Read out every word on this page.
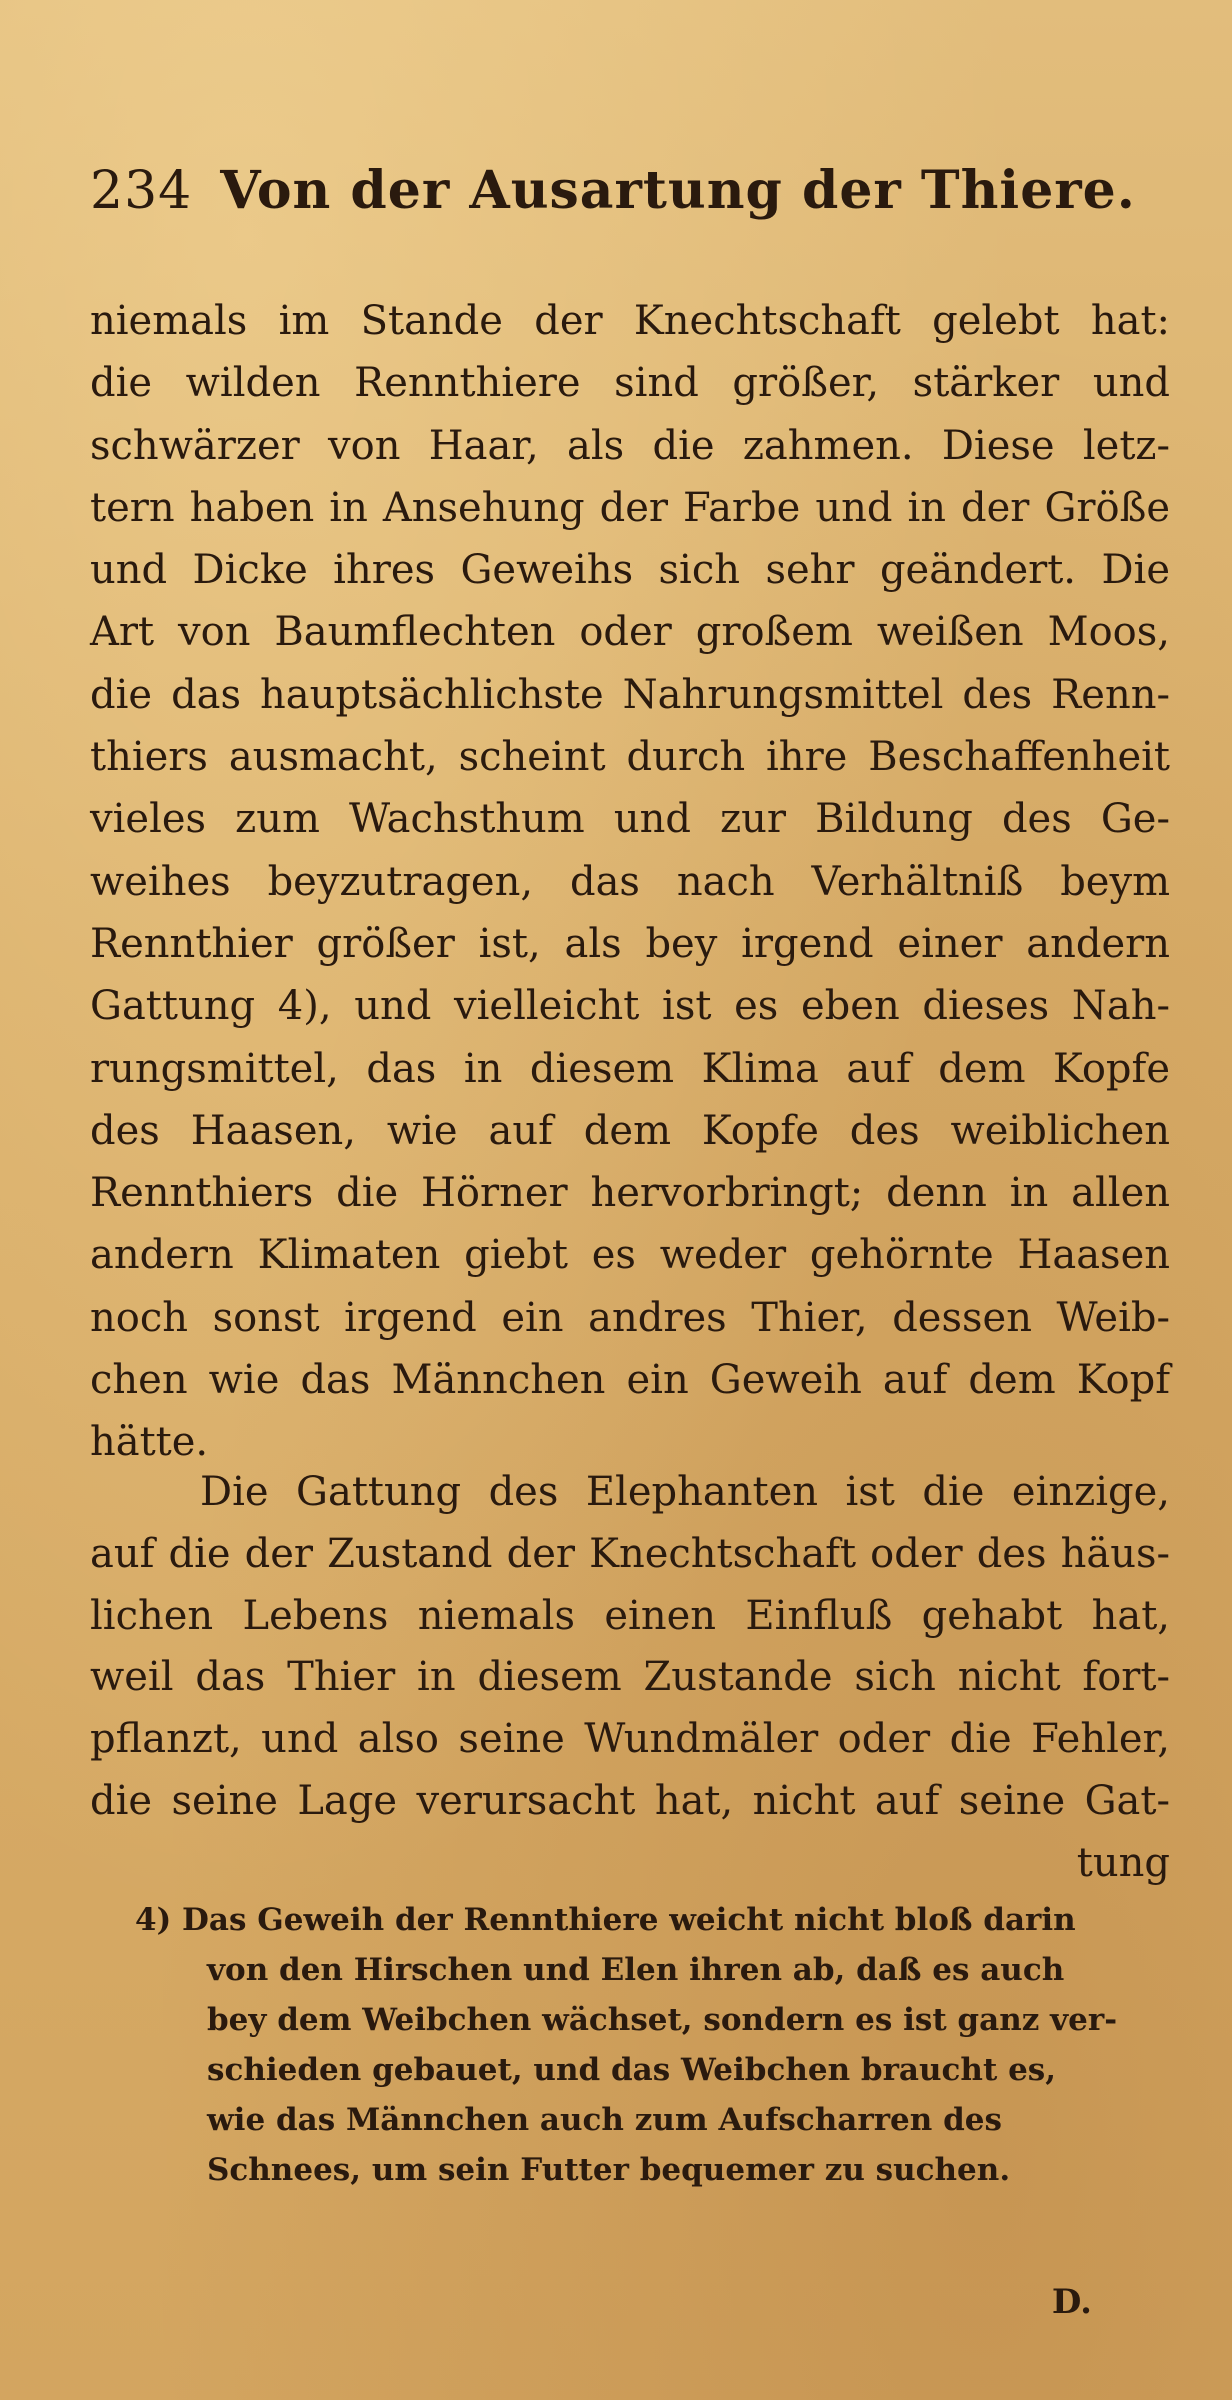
234 Von der Ausartung der Thiere.
niemals im Stande der Knechtschaft gelebt hat:
die wilden Rennthiere sind größer, stärker und
schwärzer von Haar, als die zahmen. Diese letz-
tern haben in Ansehung der Farbe und in der Größe
und Dicke ihres Geweihs sich sehr geändert. Die
Art von Baumflechten oder großem weißen Moos,
die das hauptsächlichste Nahrungsmittel des Renn-
thiers ausmacht, scheint durch ihre Beschaffenheit
vieles zum Wachsthum und zur Bildung des Ge-
weihes beyzutragen, das nach Verhältniß beym
Rennthier größer ist, als bey irgend einer andern
Gattung 4), und vielleicht ist es eben dieses Nah-
rungsmittel, das in diesem Klima auf dem Kopfe
des Haasen, wie auf dem Kopfe des weiblichen
Rennthiers die Hörner hervorbringt; denn in allen
andern Klimaten giebt es weder gehörnte Haasen
noch sonst irgend ein andres Thier, dessen Weib-
chen wie das Männchen ein Geweih auf dem Kopf
hätte.
Die Gattung des Elephanten ist die einzige,
auf die der Zustand der Knechtschaft oder des häus-
lichen Lebens niemals einen Einfluß gehabt hat,
weil das Thier in diesem Zustande sich nicht fort-
pflanzt, und also seine Wundmäler oder die Fehler,
die seine Lage verursacht hat, nicht auf seine Gat-
tung
4) Das Geweih der Rennthiere weicht nicht bloß darin
von den Hirschen und Elen ihren ab, daß es auch
bey dem Weibchen wächset, sondern es ist ganz ver-
schieden gebauet, und das Weibchen braucht es,
wie das Männchen auch zum Aufscharren des
Schnees, um sein Futter bequemer zu suchen.
D.
